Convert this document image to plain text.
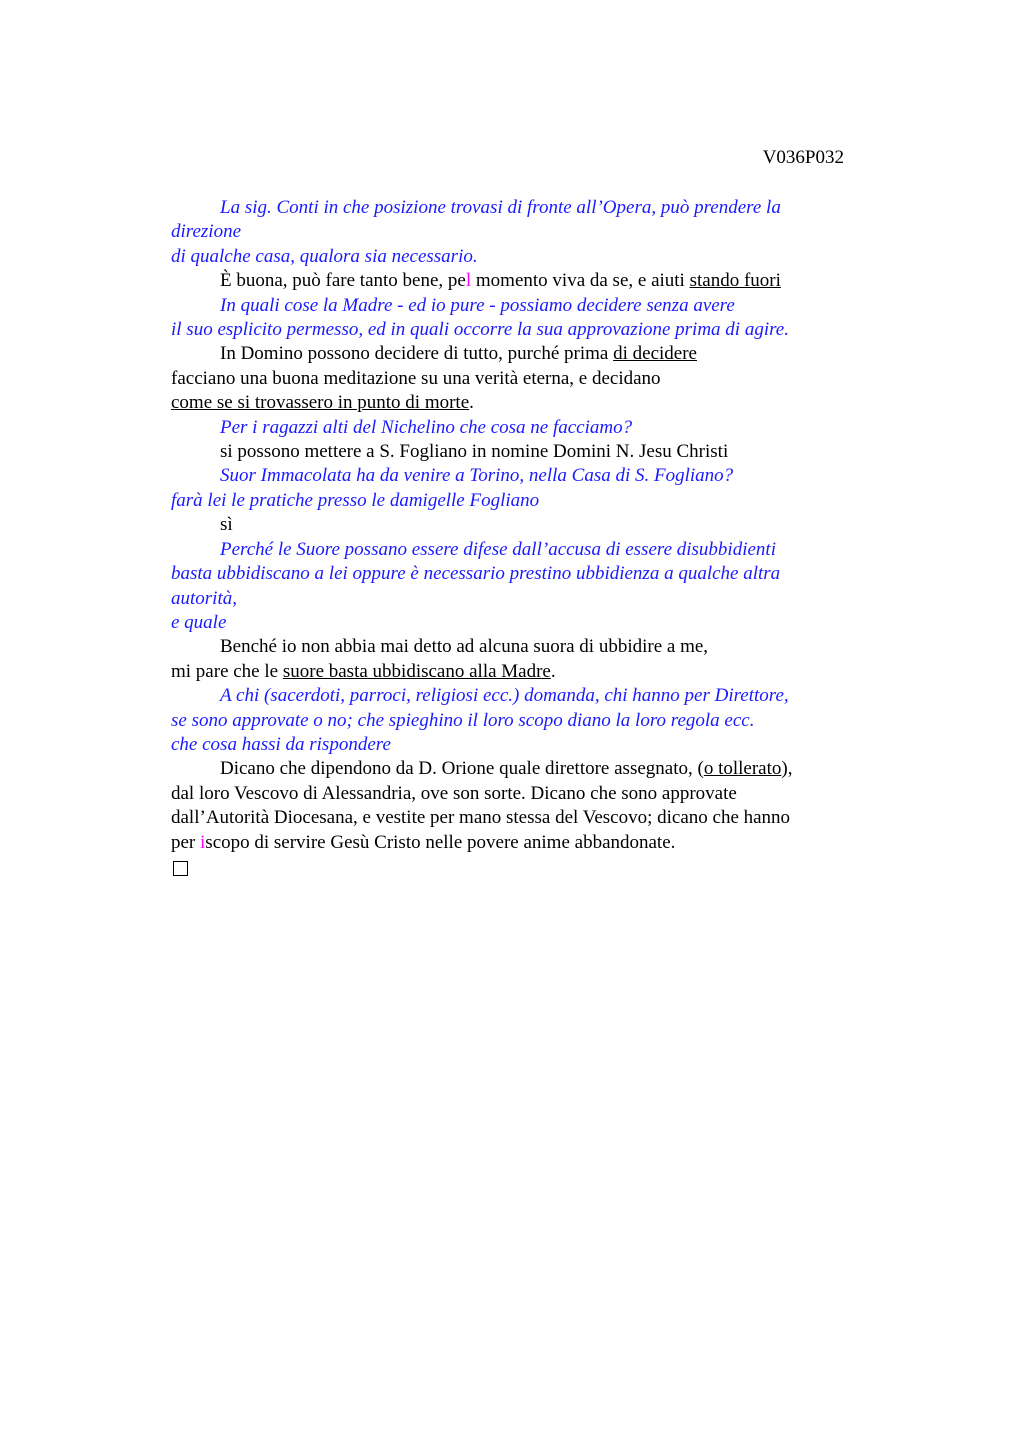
V036P032
La sig. Conti in che posizione trovasi di fronte all’Opera, può prendere la
direzione
di qualche casa, qualora sia necessario.
È buona, può fare tanto bene, pel momento viva da se, e aiuti stando fuori
In quali cose la Madre - ed io pure - possiamo decidere senza avere
il suo esplicito permesso, ed in quali occorre la sua approvazione prima di agire.
In Domino possono decidere di tutto, purché prima di decidere
facciano una buona meditazione su una verità eterna, e decidano
come se si trovassero in punto di morte.
Per i ragazzi alti del Nichelino che cosa ne facciamo?
si possono mettere a S. Fogliano in nomine Domini N. Jesu Christi
Suor Immacolata ha da venire a Torino, nella Casa di S. Fogliano?
farà lei le pratiche presso le damigelle Fogliano
sì
Perché le Suore possano essere difese dall’accusa di essere disubbidienti
basta ubbidiscano a lei oppure è necessario prestino ubbidienza a qualche altra
autorità,
e quale
Benché io non abbia mai detto ad alcuna suora di ubbidire a me,
mi pare che le suore basta ubbidiscano alla Madre.
A chi (sacerdoti, parroci, religiosi ecc.) domanda, chi hanno per Direttore,
se sono approvate o no; che spieghino il loro scopo diano la loro regola ecc.
che cosa hassi da rispondere
Dicano che dipendono da D. Orione quale direttore assegnato, (o tollerato),
dal loro Vescovo di Alessandria, ove son sorte. Dicano che sono approvate
dall’Autorità Diocesana, e vestite per mano stessa del Vescovo; dicano che hanno
per iscopo di servire Gesù Cristo nelle povere anime abbandonate.
